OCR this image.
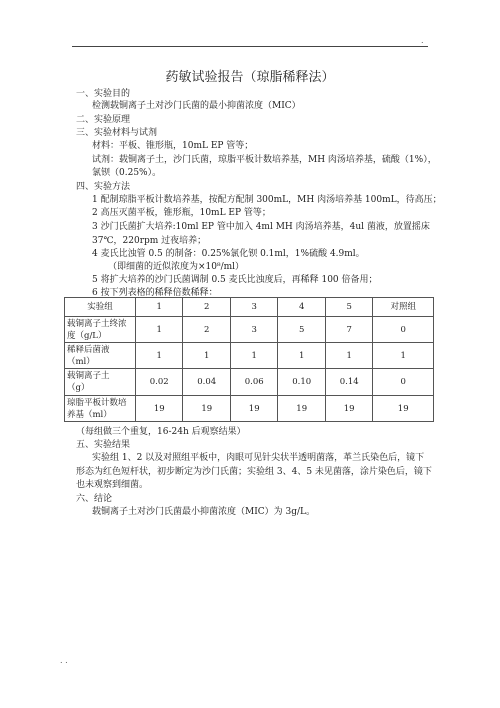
.
药敏试验报告（琼脂稀释法）
一、实验目的
检测载铜离子土对沙门氏菌的最小抑菌浓度（MIC）
二、实验原理
三、实验材料与试剂
材料：平板、锥形瓶，10mL EP 管等；
试剂：载铜离子土，沙门氏菌，琼脂平板计数培养基，MH 肉汤培养基，硫酸（1%），
氯钡（0.25%）。
四、实验方法
1 配制琼脂平板计数培养基，按配方配制 300mL，MH 肉汤培养基 100mL，待高压；
2 高压灭菌平板，锥形瓶，10mL EP 管等；
3 沙门氏菌扩大培养:10ml EP 管中加入 4ml MH 肉汤培养基，4ul 菌液，放置摇床
37℃，220rpm 过夜培养；
4 麦氏比浊管 0.5 的制备：0.25%氯化钡 0.1ml，1%硫酸 4.9ml。
（即细菌的近似浓度为×10⁸/ml）
5 将扩大培养的沙门氏菌调制 0.5 麦氏比浊度后，再稀释 100 倍备用；
6 按下列表格的稀释倍数稀释：
实验组	1	2	3	4	5	对照组
载铜离子土终浓
度（g/L）	1	2	3	5	7	0
稀释后菌液
（ml）	1	1	1	1	1	1
载铜离子土
（g）	0.02	0.04	0.06	0.10	0.14	0
琼脂平板计数培
养基（ml）	19	19	19	19	19	19
（每组做三个重复，16-24h 后观察结果）
五、实验结果
实验组 1、2 以及对照组平板中，肉眼可见针尖状半透明菌落，革兰氏染色后，镜下
形态为红色短杆状，初步断定为沙门氏菌；实验组 3、4、5 未见菌落，涂片染色后，镜下
也未观察到细菌。
六、结论
载铜离子土对沙门氏菌最小抑菌浓度（MIC）为 3g/L。
. .
